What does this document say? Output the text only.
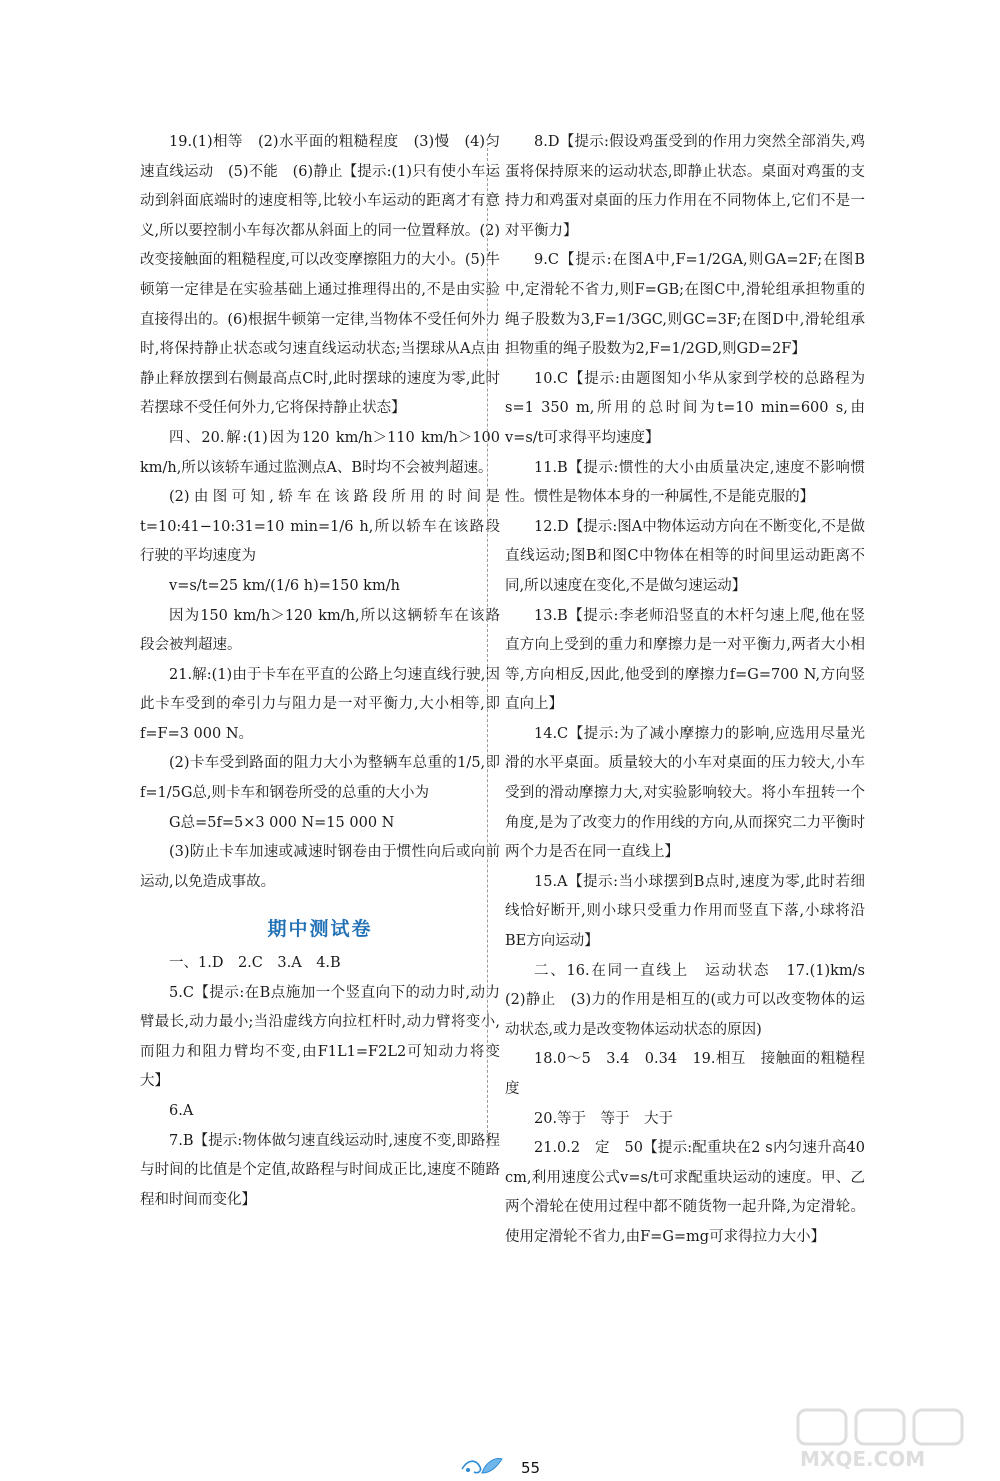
19.(1)相等　(2)水平面的粗糙程度　(3)慢　(4)匀速直线运动　(5)不能　(6)静止【提示:(1)只有使小车运动到斜面底端时的速度相等,比较小车运动的距离才有意义,所以要控制小车每次都从斜面上的同一位置释放。(2)改变接触面的粗糙程度,可以改变摩擦阻力的大小。(5)牛顿第一定律是在实验基础上通过推理得出的,不是由实验直接得出的。(6)根据牛顿第一定律,当物体不受任何外力时,将保持静止状态或匀速直线运动状态;当摆球从A点由静止释放摆到右侧最高点C时,此时摆球的速度为零,此时若摆球不受任何外力,它将保持静止状态】

四、20.解:(1)因为120 km/h＞110 km/h＞100 km/h,所以该轿车通过监测点A、B时均不会被判超速。

(2)由图可知,轿车在该路段所用的时间是t=10:41−10:31=10 min=1/6 h,所以轿车在该路段行驶的平均速度为

v=s/t=25 km/(1/6 h)=150 km/h

因为150 km/h＞120 km/h,所以这辆轿车在该路段会被判超速。

21.解:(1)由于卡车在平直的公路上匀速直线行驶,因此卡车受到的牵引力与阻力是一对平衡力,大小相等,即f=F=3 000 N。

(2)卡车受到路面的阻力大小为整辆车总重的1/5,即f=1/5G总,则卡车和钢卷所受的总重的大小为

G总=5f=5×3 000 N=15 000 N

(3)防止卡车加速或减速时钢卷由于惯性向后或向前运动,以免造成事故。

期中测试卷

一、1.D　2.C　3.A　4.B

5.C【提示:在B点施加一个竖直向下的动力时,动力臂最长,动力最小;当沿虚线方向拉杠杆时,动力臂将变小,而阻力和阻力臂均不变,由F1L1=F2L2可知动力将变大】

6.A

7.B【提示:物体做匀速直线运动时,速度不变,即路程与时间的比值是个定值,故路程与时间成正比,速度不随路程和时间而变化】

8.D【提示:假设鸡蛋受到的作用力突然全部消失,鸡蛋将保持原来的运动状态,即静止状态。桌面对鸡蛋的支持力和鸡蛋对桌面的压力作用在不同物体上,它们不是一对平衡力】

9.C【提示:在图A中,F=1/2GA,则GA=2F;在图B中,定滑轮不省力,则F=GB;在图C中,滑轮组承担物重的绳子股数为3,F=1/3GC,则GC=3F;在图D中,滑轮组承担物重的绳子股数为2,F=1/2GD,则GD=2F】

10.C【提示:由题图知小华从家到学校的总路程为s=1 350 m,所用的总时间为t=10 min=600 s,由v=s/t可求得平均速度】

11.B【提示:惯性的大小由质量决定,速度不影响惯性。惯性是物体本身的一种属性,不是能克服的】

12.D【提示:图A中物体运动方向在不断变化,不是做直线运动;图B和图C中物体在相等的时间里运动距离不同,所以速度在变化,不是做匀速运动】

13.B【提示:李老师沿竖直的木杆匀速上爬,他在竖直方向上受到的重力和摩擦力是一对平衡力,两者大小相等,方向相反,因此,他受到的摩擦力f=G=700 N,方向竖直向上】

14.C【提示:为了减小摩擦力的影响,应选用尽量光滑的水平桌面。质量较大的小车对桌面的压力较大,小车受到的滑动摩擦力大,对实验影响较大。将小车扭转一个角度,是为了改变力的作用线的方向,从而探究二力平衡时两个力是否在同一直线上】

15.A【提示:当小球摆到B点时,速度为零,此时若细线恰好断开,则小球只受重力作用而竖直下落,小球将沿BE方向运动】

二、16.在同一直线上　运动状态　17.(1)km/s　(2)静止　(3)力的作用是相互的(或力可以改变物体的运动状态,或力是改变物体运动状态的原因)

18.0～5　3.4　0.34　19.相互　接触面的粗糙程度

20.等于　等于　大于

21.0.2　定　50【提示:配重块在2 s内匀速升高40 cm,利用速度公式v=s/t可求配重块运动的速度。甲、乙两个滑轮在使用过程中都不随货物一起升降,为定滑轮。使用定滑轮不省力,由F=G=mg可求得拉力大小】

55	MXQE.COM
